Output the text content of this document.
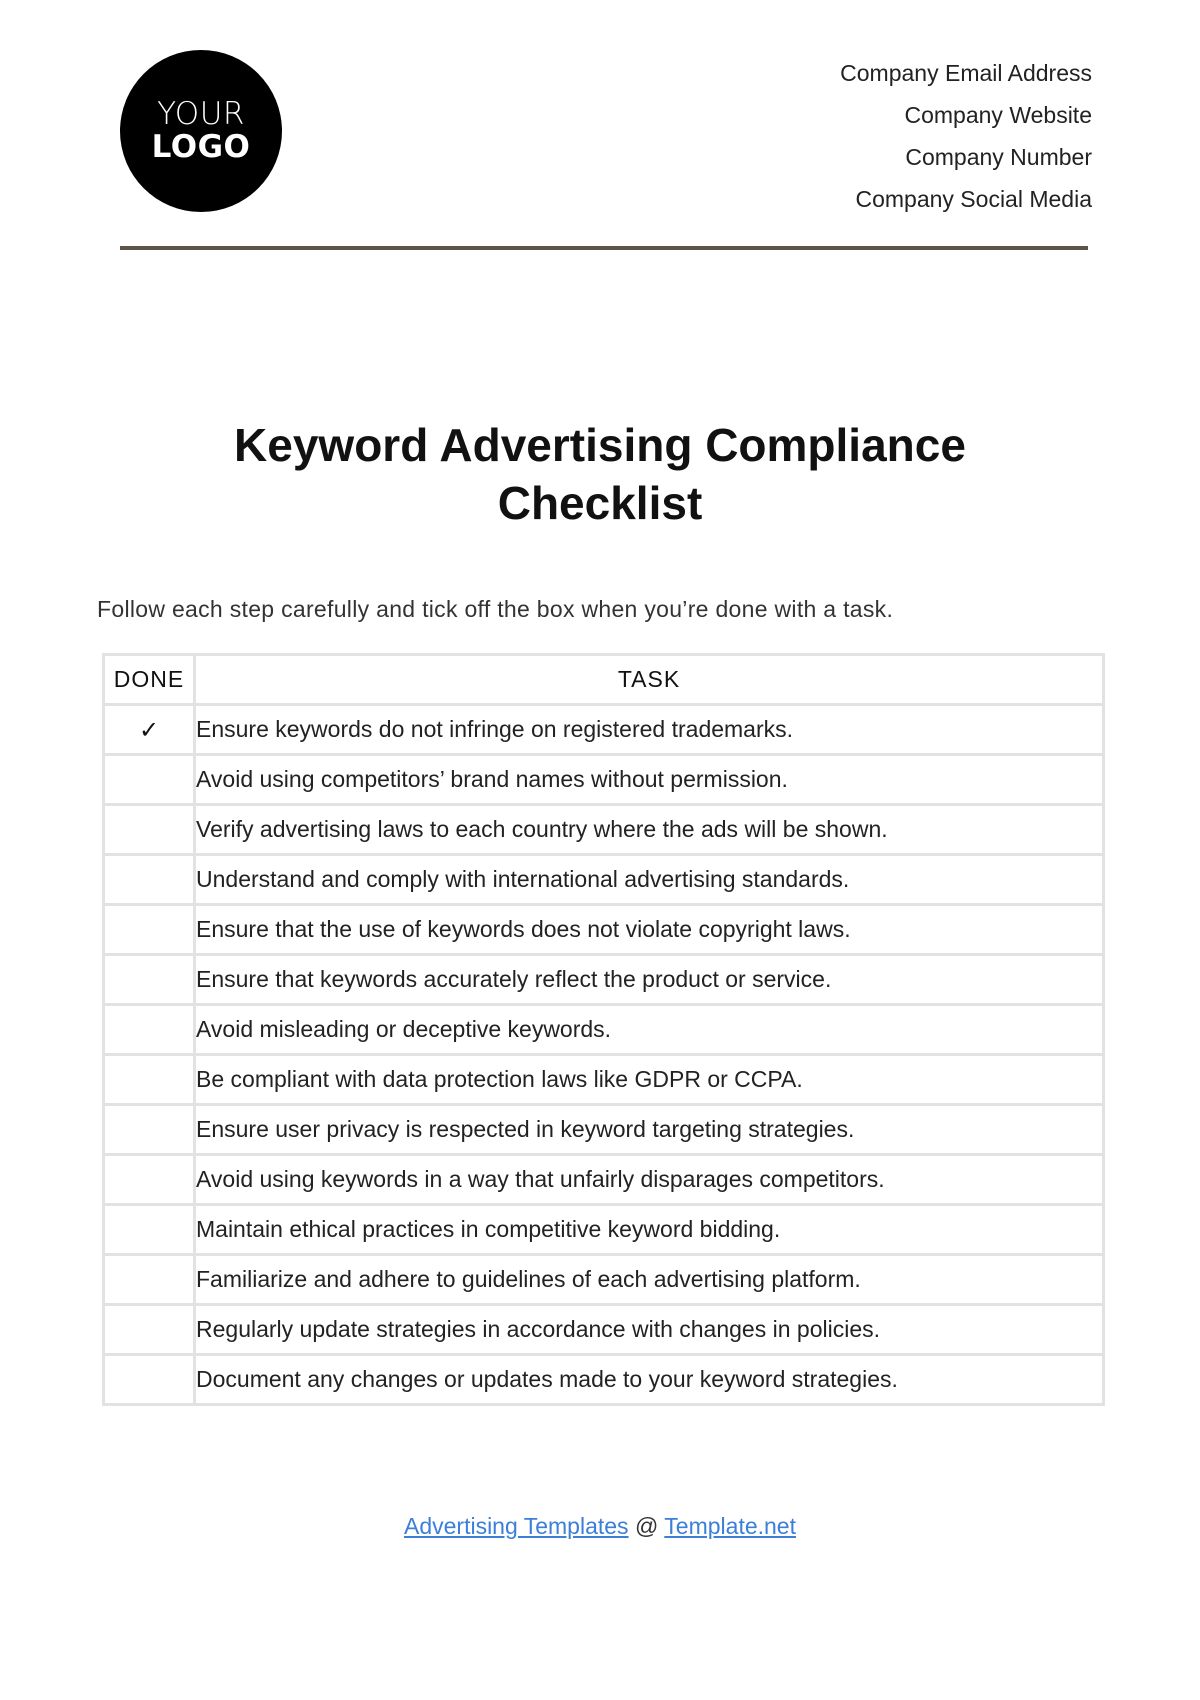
YOUR
LOGO
Company Email Address
Company Website
Company Number
Company Social Media
Keyword Advertising Compliance
Checklist
Follow each step carefully and tick off the box when you’re done with a task.
DONE	TASK
✓	Ensure keywords do not infringe on registered trademarks.
	Avoid using competitors’ brand names without permission.
	Verify advertising laws to each country where the ads will be shown.
	Understand and comply with international advertising standards.
	Ensure that the use of keywords does not violate copyright laws.
	Ensure that keywords accurately reflect the product or service.
	Avoid misleading or deceptive keywords.
	Be compliant with data protection laws like GDPR or CCPA.
	Ensure user privacy is respected in keyword targeting strategies.
	Avoid using keywords in a way that unfairly disparages competitors.
	Maintain ethical practices in competitive keyword bidding.
	Familiarize and adhere to guidelines of each advertising platform.
	Regularly update strategies in accordance with changes in policies.
	Document any changes or updates made to your keyword strategies.
Advertising Templates @ Template.net
